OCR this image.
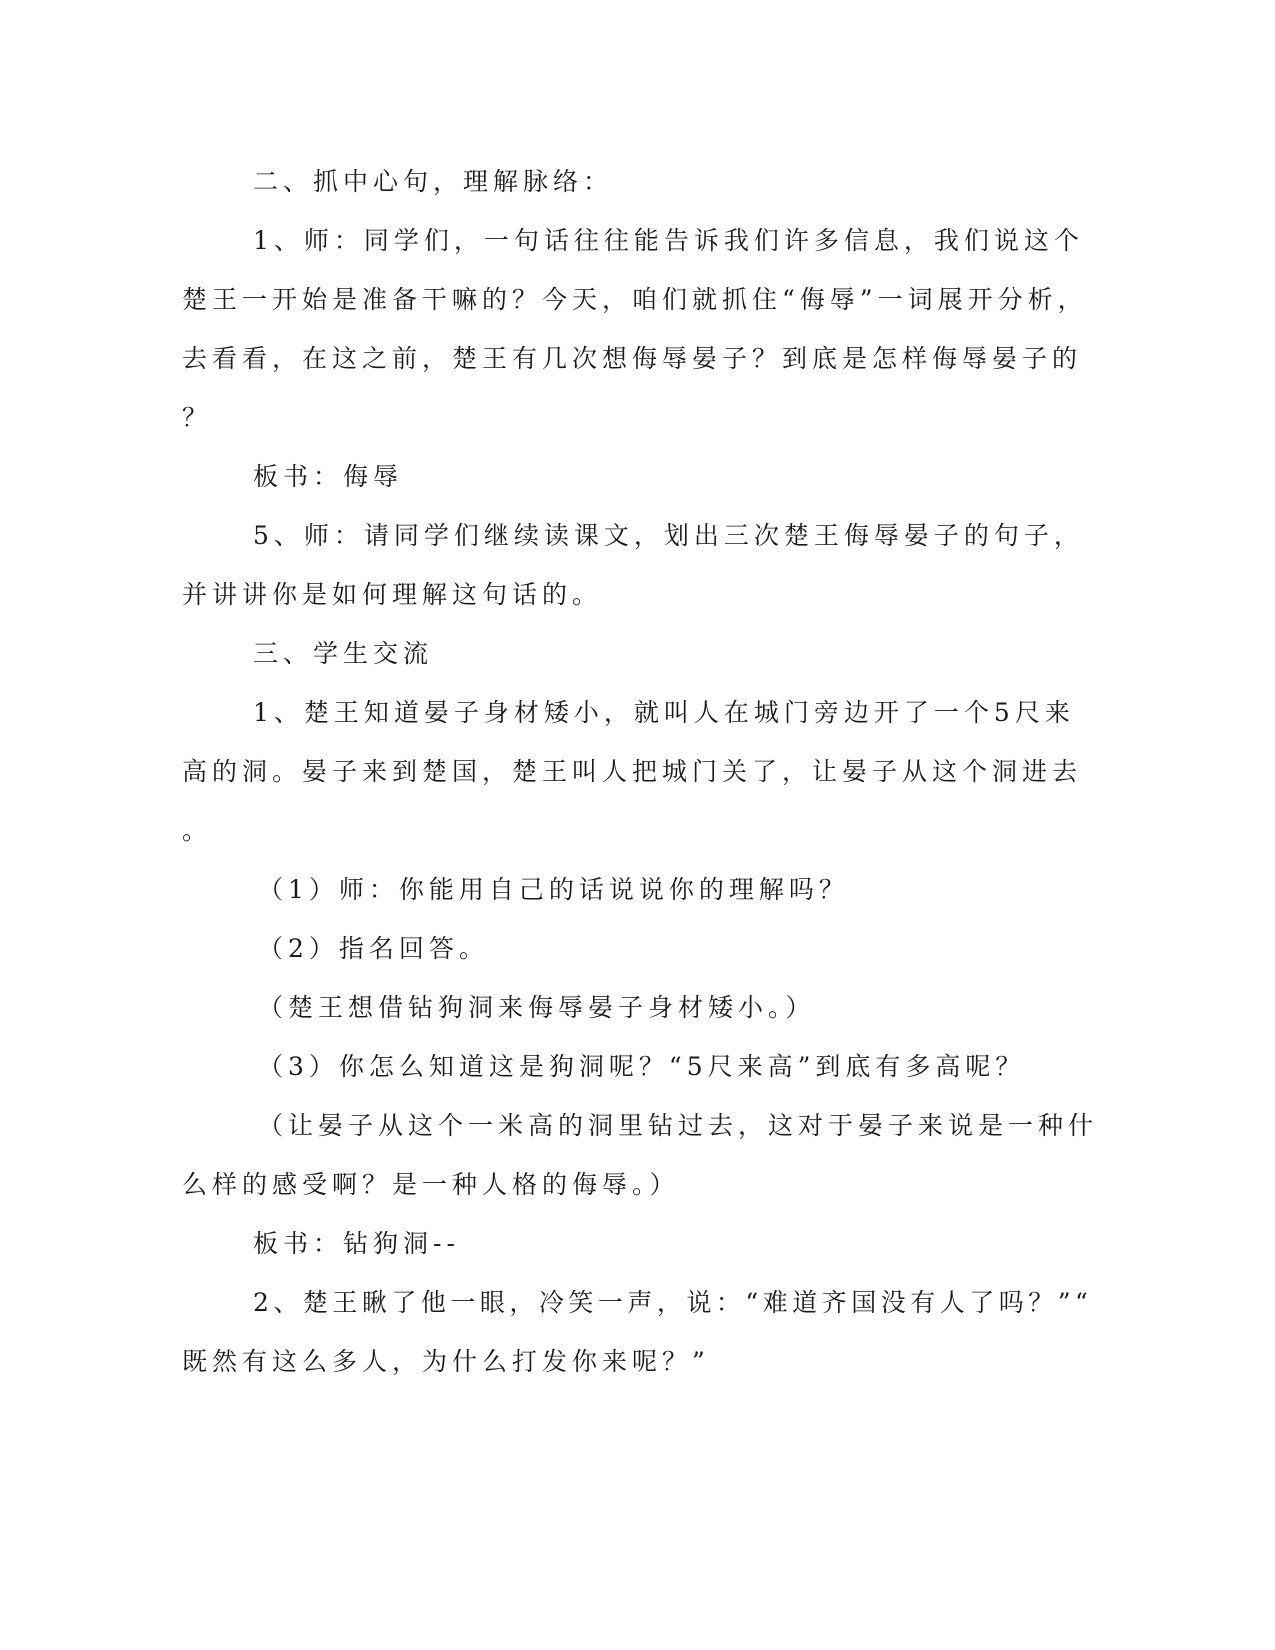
二、抓中心句，理解脉络：
1、师：同学们，一句话往往能告诉我们许多信息，我们说这个
楚王一开始是准备干嘛的？今天，咱们就抓住“侮辱”一词展开分析，
去看看，在这之前，楚王有几次想侮辱晏子？到底是怎样侮辱晏子的
？
板书：侮辱
5、师：请同学们继续读课文，划出三次楚王侮辱晏子的句子，
并讲讲你是如何理解这句话的。
三、学生交流
1、楚王知道晏子身材矮小，就叫人在城门旁边开了一个5尺来
高的洞。晏子来到楚国，楚王叫人把城门关了，让晏子从这个洞进去
。
（1）师：你能用自己的话说说你的理解吗？
（2）指名回答。
（楚王想借钻狗洞来侮辱晏子身材矮小。）
（3）你怎么知道这是狗洞呢？“5尺来高”到底有多高呢？
（让晏子从这个一米高的洞里钻过去，这对于晏子来说是一种什
么样的感受啊？是一种人格的侮辱。）
板书：钻狗洞--
2、楚王瞅了他一眼，冷笑一声，说：“难道齐国没有人了吗？”“
既然有这么多人，为什么打发你来呢？”
